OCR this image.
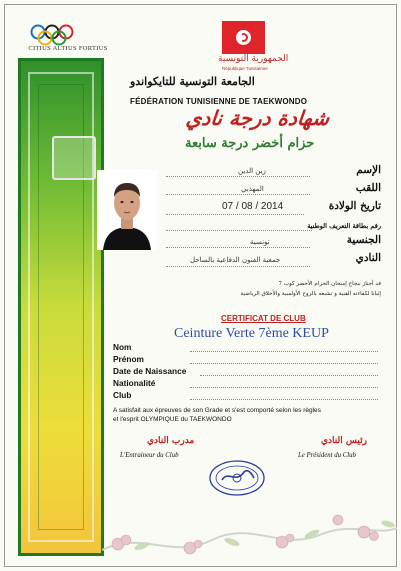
CITIUS ALTIUS FORTIUS
الجمهورية التونسية
République Tunisienne
الجامعة التونسية للتايكواندو
FÉDÉRATION TUNISIENNE DE TAEKWONDO
شهادة درجة نادي
حزام أخضر درجة سابعة
الإسم
زين الدين
اللقب
المهذبي
تاريخ الولادة
07 / 08 / 2014
رقم بطاقة التعريف الوطنية
الجنسية
تونسية
النادي
جمعية الفنون الدفاعية بالساحل
قد أجتاز بنجاح إمتحان الحزام الأخضر كوب 7
إثباتا لكفاءته الفنية و تشبعه بالروح الأولمبية والأخلاق الرياضية
CERTIFICAT DE CLUB
Ceinture Verte 7ème KEUP
Nom
Prénom
Date de Naissance
Nationalité
Club
A satisfait aux épreuves de son Grade et s'est comporté selon les règles
et l'esprit OLYMPIQUE du TAEKWONDO
مدرب النادي
L'Entraineur du Club
رئيس النادي
Le Président du Club
